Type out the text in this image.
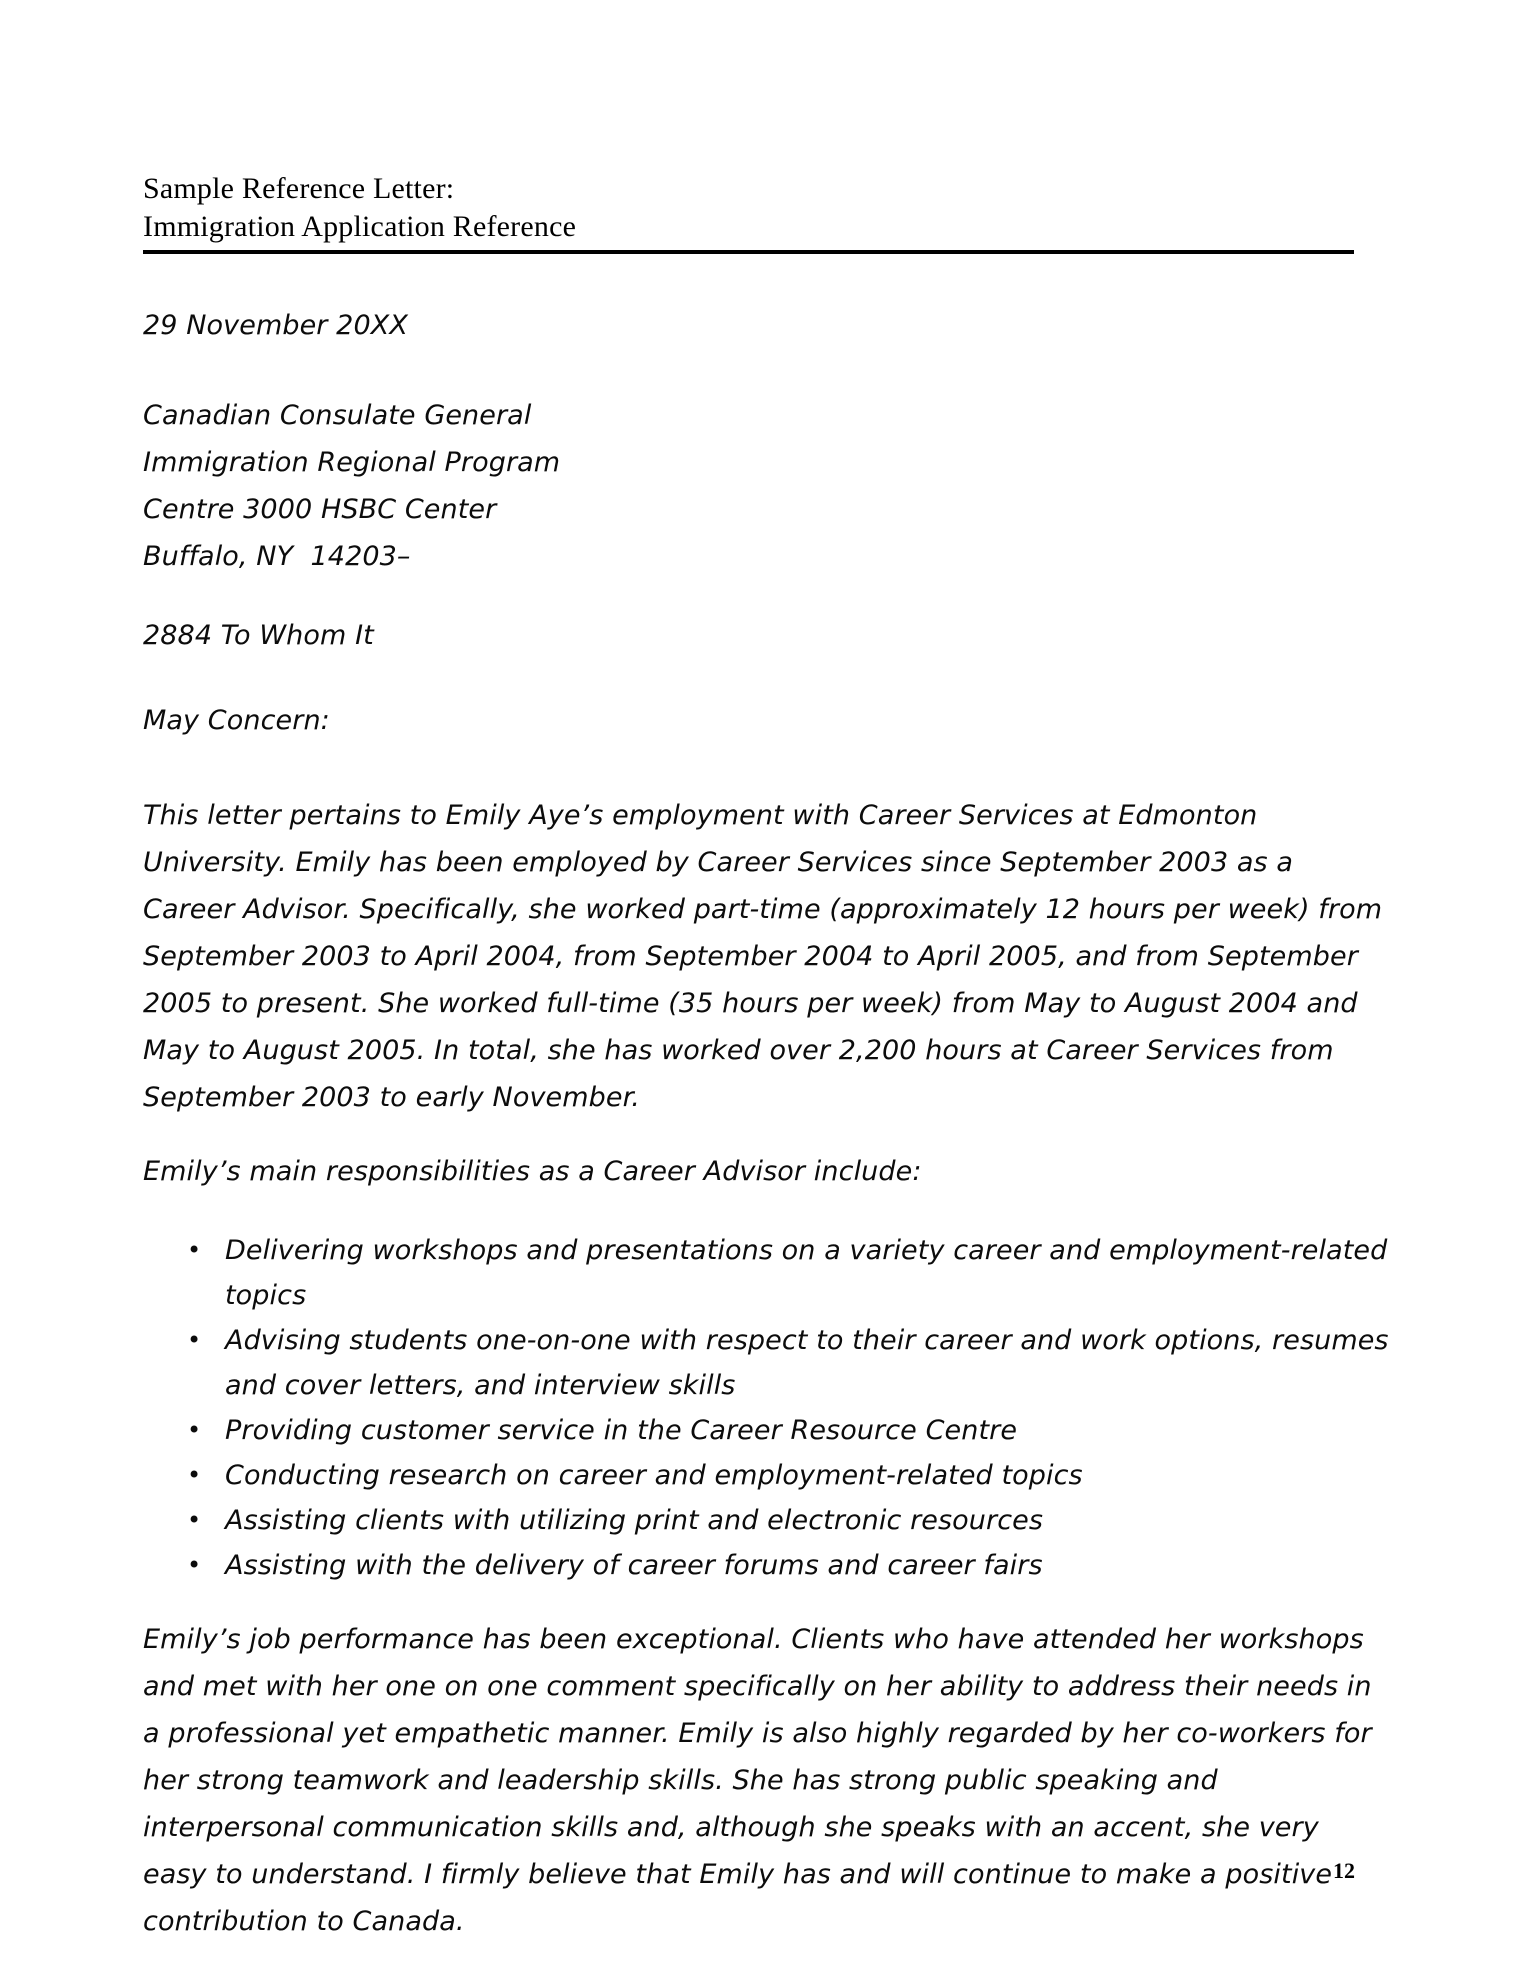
Sample Reference Letter:
Immigration Application Reference
29 November 20XX
Canadian Consulate General
Immigration Regional Program
Centre 3000 HSBC Center
Buffalo, NY  14203–
2884 To Whom It
May Concern:

This letter pertains to Emily Aye’s employment with Career Services at Edmonton University. Emily has been employed by Career Services since September 2003 as a Career Advisor. Specifically, she worked part-time (approximately 12 hours per week) from September 2003 to April 2004, from September 2004 to April 2005, and from September 2005 to present. She worked full-time (35 hours per week) from May to August 2004 and May to August 2005. In total, she has worked over 2,200 hours at Career Services from September 2003 to early November.

Emily’s main responsibilities as a Career Advisor include:

• Delivering workshops and presentations on a variety career and employment-related topics
• Advising students one-on-one with respect to their career and work options, resumes and cover letters, and interview skills
• Providing customer service in the Career Resource Centre
• Conducting research on career and employment-related topics
• Assisting clients with utilizing print and electronic resources
• Assisting with the delivery of career forums and career fairs

Emily’s job performance has been exceptional. Clients who have attended her workshops and met with her one on one comment specifically on her ability to address their needs in a professional yet empathetic manner. Emily is also highly regarded by her co-workers for her strong teamwork and leadership skills. She has strong public speaking and interpersonal communication skills and, although she speaks with an accent, she very easy to understand. I firmly believe that Emily has and will continue to make a positive contribution to Canada.

12
